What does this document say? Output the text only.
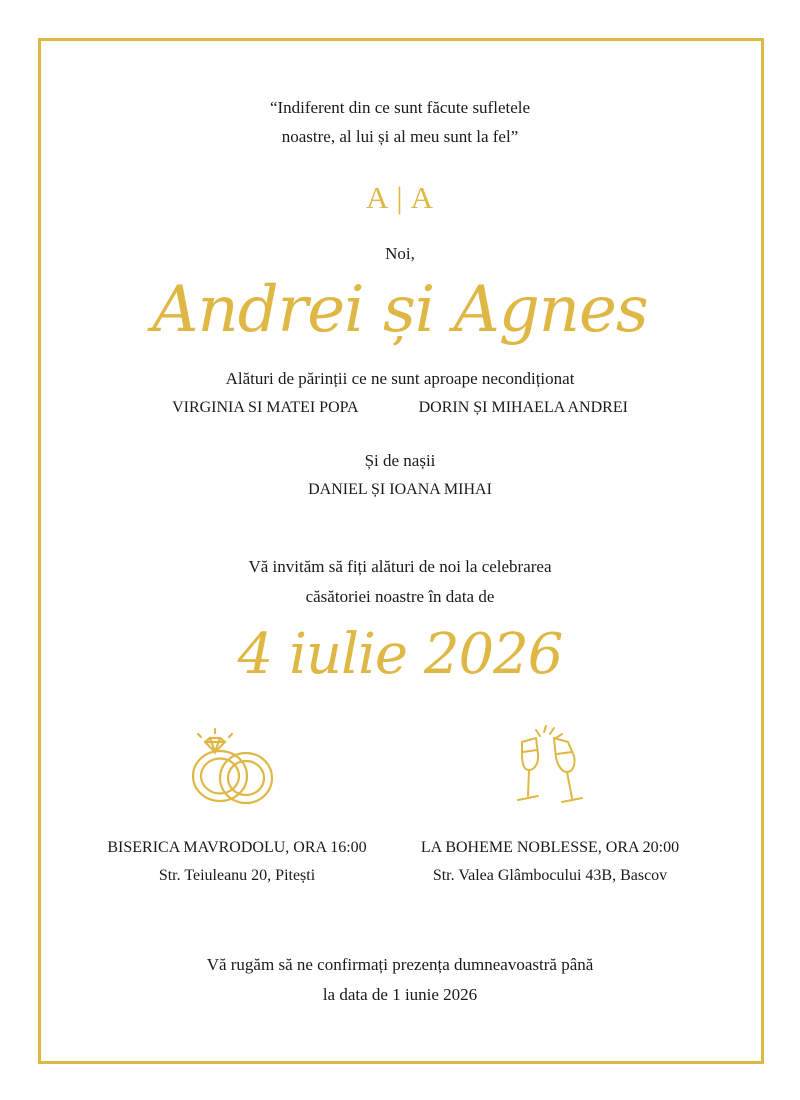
“Indiferent din ce sunt făcute sufletele
noastre, al lui și al meu sunt la fel”
A | A
Noi,
Andrei și Agnes
Alături de părinții ce ne sunt aproape necondiționat
VIRGINIA SI MATEI POPA	DORIN ȘI MIHAELA ANDREI
Și de nașii
DANIEL ȘI IOANA MIHAI
Vă invităm să fiți alături de noi la celebrarea
căsătoriei noastre în data de
4 iulie 2026
BISERICA MAVRODOLU, ORA 16:00
Str. Teiuleanu 20, Pitești
LA BOHEME NOBLESSE, ORA 20:00
Str. Valea Glâmbocului 43B, Bascov
Vă rugăm să ne confirmați prezența dumneavoastră până
la data de 1 iunie 2026
